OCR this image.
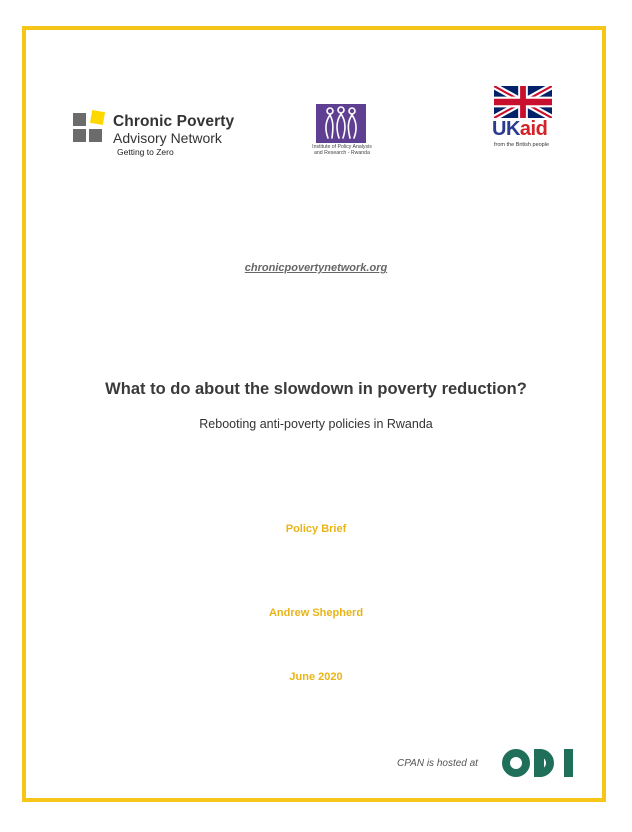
Chronic Poverty
Advisory Network
Getting to Zero	Institute of Policy Analysis and Research - Rwanda
UKaid
from the British people
chronicpovertynetwork.org
What to do about the slowdown in poverty reduction?
Rebooting anti-poverty policies in Rwanda
Policy Brief
Andrew Shepherd
June 2020
CPAN is hosted at
